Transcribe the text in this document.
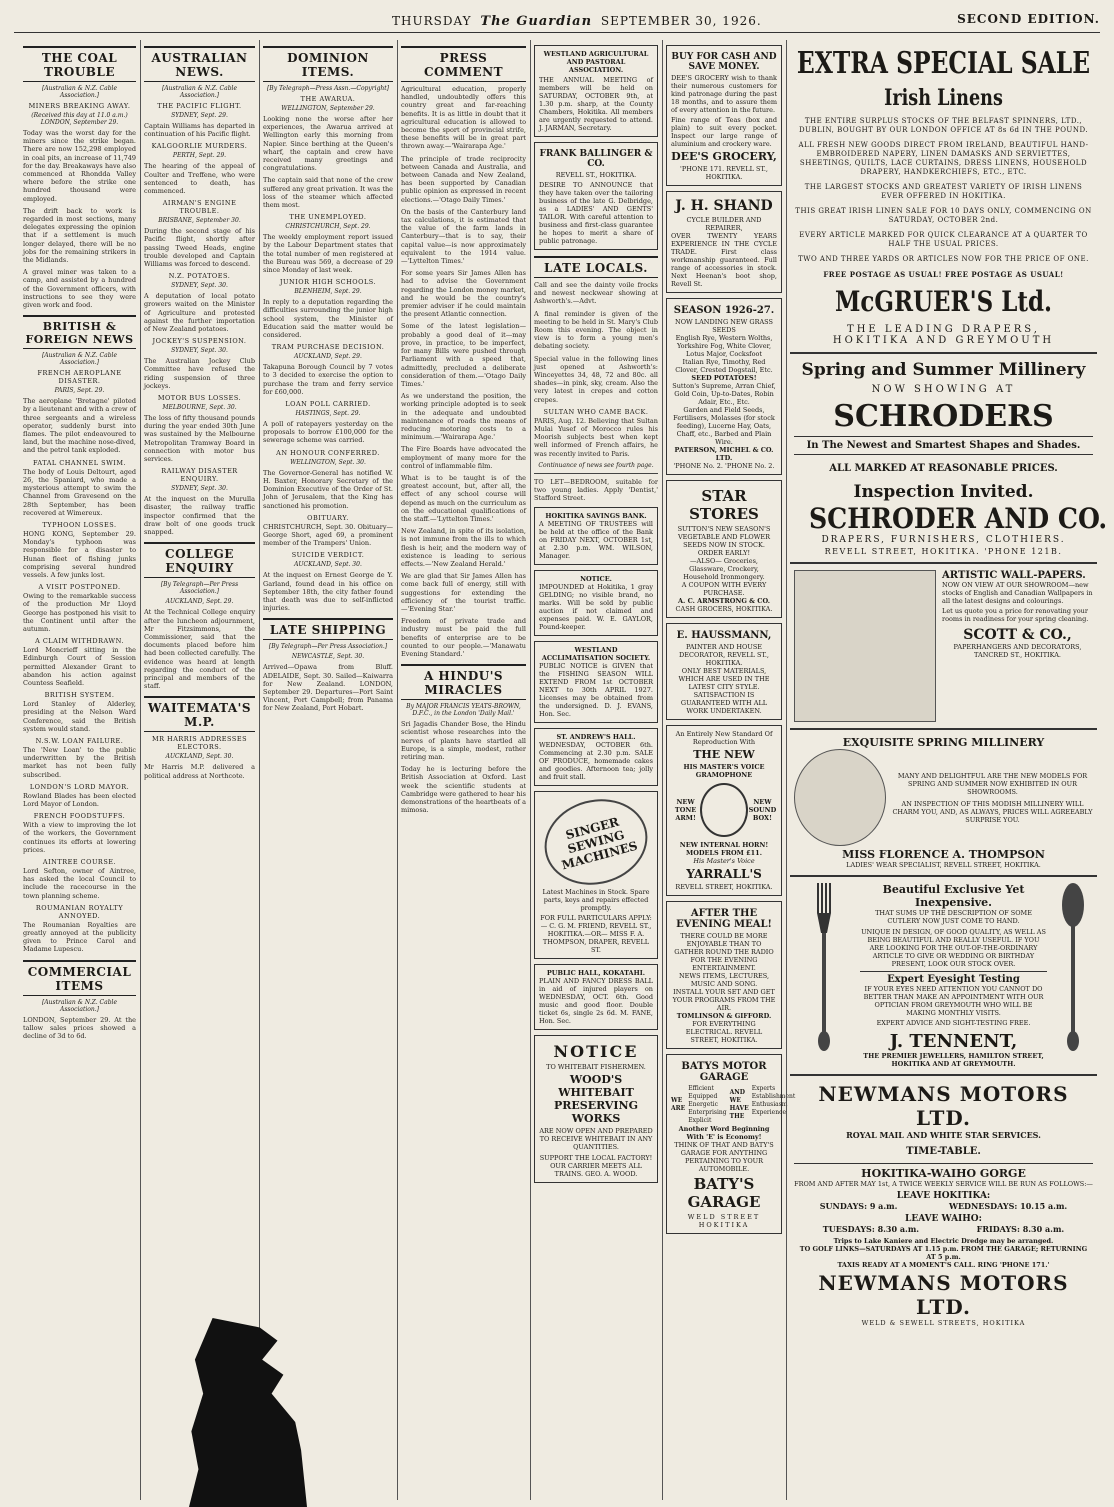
THURSDAY The Guardian SEPTEMBER 30, 1926.	SECOND EDITION.
THE COAL TROUBLE
[Australian & N.Z. Cable Association.]
MINERS BREAKING AWAY.
(Received this day at 11.0 a.m.) LONDON, September 29.

Today was the worst day for the miners since the strike began. There are now 152,298 employed in coal pits, an increase of 11,749 for the day. Breakaways have also commenced at Rhondda Valley where before the strike one hundred thousand were employed.

The drift back to work is regarded in most sections, many delegates expressing the opinion that if a settlement is much longer delayed, there will be no jobs for the remaining strikers in the Midlands.

A gravel miner was taken to a camp, and assisted by a hundred of the Government officers, with instructions to see they were given work and food.

BRITISH & FOREIGN NEWS
[Australian & N.Z. Cable Association.]
FRENCH AEROPLANE DISASTER.
PARIS, Sept. 29.

The aeroplane 'Bretagne' piloted by a lieutenant and with a crew of three sergeants and a wireless operator, suddenly burst into flames. The pilot endeavoured to land, but the machine nose-dived, and the petrol tank exploded.

FATAL CHANNEL SWIM.

The body of Louis Deltourt, aged 26, the Spaniard, who made a mysterious attempt to swim the Channel from Gravesend on the 28th September, has been recovered at Wimereux.

TYPHOON LOSSES.

HONG KONG, September 29. Monday's typhoon was responsible for a disaster to Hunan fleet of fishing junks comprising several hundred vessels. A few junks lost.

A VISIT POSTPONED.

Owing to the remarkable success of the production Mr Lloyd George has postponed his visit to the Continent until after the autumn.

A CLAIM WITHDRAWN.

Lord Moncrieff sitting in the Edinburgh Court of Session permitted Alexander Grant to abandon his action against Countess Seafield.

BRITISH SYSTEM.

Lord Stanley of Alderley, presiding at the Nelson Ward Conference, said the British system would stand.

N.S.W. LOAN FAILURE.

The 'New Loan' to the public underwritten by the British market has not been fully subscribed.

LONDON'S LORD MAYOR.

Rowland Blades has been elected Lord Mayor of London.

FRENCH FOODSTUFFS.

With a view to improving the lot of the workers, the Government continues its efforts at lowering prices.

AINTREE COURSE.

Lord Sefton, owner of Aintree, has asked the local Council to include the racecourse in the town planning scheme.

ROUMANIAN ROYALTY ANNOYED.

The Roumanian Royalties are greatly annoyed at the publicity given to Prince Carol and Madame Lupescu.

COMMERCIAL ITEMS
[Australian & N.Z. Cable Association.]

LONDON, September 29. At the tallow sales prices showed a decline of 3d to 6d.

AUSTRALIAN NEWS.
[Australian & N.Z. Cable Association.]
THE PACIFIC FLIGHT.
SYDNEY, Sept. 29.

Captain Williams has departed in continuation of his Pacific flight.

KALGOORLIE MURDERS.
PERTH, Sept. 29.

The hearing of the appeal of Coulter and Treffene, who were sentenced to death, has commenced.

AIRMAN'S ENGINE TROUBLE.
BRISBANE, September 30.

During the second stage of his Pacific flight, shortly after passing Tweed Heads, engine trouble developed and Captain Williams was forced to descend.

N.Z. POTATOES.
SYDNEY, Sept. 30.

A deputation of local potato growers waited on the Minister of Agriculture and protested against the further importation of New Zealand potatoes.

JOCKEY'S SUSPENSION.
SYDNEY, Sept. 30.

The Australian Jockey Club Committee have refused the riding suspension of three jockeys.

MOTOR BUS LOSSES.
MELBOURNE, Sept. 30.

The loss of fifty thousand pounds during the year ended 30th June was sustained by the Melbourne Metropolitan Tramway Board in connection with motor bus services.

RAILWAY DISASTER ENQUIRY.
SYDNEY, Sept. 30.

At the inquest on the Murulla disaster, the railway traffic inspector confirmed that the draw bolt of one goods truck snapped.

COLLEGE ENQUIRY
[By Telegraph—Per Press Association.]
AUCKLAND, Sept. 29.

At the Technical College enquiry after the luncheon adjournment, Mr Fitzsimmons, the Commissioner, said that the documents placed before him had been collected carefully. The evidence was heard at length regarding the conduct of the principal and members of the staff.

WAITEMATA'S M.P.
MR HARRIS ADDRESSES ELECTORS.
AUCKLAND, Sept. 30.

Mr Harris M.P. delivered a political address at Northcote.

DOMINION ITEMS.
[By Telegraph—Press Assn.—Copyright]
THE AWARUA.
WELLINGTON, September 29.

Looking none the worse after her experiences, the Awarua arrived at Wellington early this morning from Napier. Since berthing at the Queen's wharf, the captain and crew have received many greetings and congratulations.

The captain said that none of the crew suffered any great privation. It was the loss of the steamer which affected them most.

THE UNEMPLOYED.
CHRISTCHURCH, Sept. 29.

The weekly employment report issued by the Labour Department states that the total number of men registered at the Bureau was 569, a decrease of 29 since Monday of last week.

JUNIOR HIGH SCHOOLS.
BLENHEIM, Sept. 29.

In reply to a deputation regarding the difficulties surrounding the junior high school system, the Minister of Education said the matter would be considered.

TRAM PURCHASE DECISION.
AUCKLAND, Sept. 29.

Takapuna Borough Council by 7 votes to 3 decided to exercise the option to purchase the tram and ferry service for £60,000.

LOAN POLL CARRIED.
HASTINGS, Sept. 29.

A poll of ratepayers yesterday on the proposals to borrow £100,000 for the sewerage scheme was carried.

AN HONOUR CONFERRED.
WELLINGTON, Sept. 30.

The Governor-General has notified W. H. Baxter, Honorary Secretary of the Dominion Executive of the Order of St. John of Jerusalem, that the King has sanctioned his promotion.

OBITUARY.

CHRISTCHURCH, Sept. 30. Obituary—George Short, aged 69, a prominent member of the Trampers' Union.

SUICIDE VERDICT.
AUCKLAND, Sept. 30.

At the inquest on Ernest George de Y. Garland, found dead in his office on September 18th, the city father found that death was due to self-inflicted injuries.

LATE SHIPPING
[By Telegraph—Per Press Association.]
NEWCASTLE, Sept. 30.

Arrived—Opawa from Bluff. ADELAIDE, Sept. 30. Sailed—Kaiwarra for New Zealand. LONDON, September 29. Departures—Port Saint Vincent, Port Campbell; from Panama for New Zealand, Port Hobart.

PRESS COMMENT

Agricultural education, properly handled, undoubtedly offers this country great and far-reaching benefits. It is as little in doubt that it agricultural education is allowed to become the sport of provincial strife, these benefits will be in great part thrown away.—'Wairarapa Age.'

The principle of trade reciprocity between Canada and Australia, and between Canada and New Zealand, has been supported by Canadian public opinion as expressed in recent elections.—'Otago Daily Times.'

On the basis of the Canterbury land tax calculations, it is estimated that the value of the farm lands in Canterbury—that is to say, their capital value—is now approximately equivalent to the 1914 value.—'Lyttelton Times.'

For some years Sir James Allen has had to advise the Government regarding the London money market, and he would be the country's premier adviser if he could maintain the present Atlantic connection.

Some of the latest legislation—probably a good deal of it—may prove, in practice, to be imperfect, for many Bills were pushed through Parliament with a speed that, admittedly, precluded a deliberate consideration of them.—'Otago Daily Times.'

As we understand the position, the working principle adopted is to seek in the adequate and undoubted maintenance of roads the means of reducing motoring costs to a minimum.—'Wairarapa Age.'

The Fire Boards have advocated the employment of many more for the control of inflammable film.

What is to be taught is of the greatest account, but, after all, the effect of any school course will depend as much on the curriculum as on the educational qualifications of the staff.—'Lyttelton Times.'

New Zealand, in spite of its isolation, is not immune from the ills to which flesh is heir, and the modern way of existence is leading to serious effects.—'New Zealand Herald.'

We are glad that Sir James Allen has come back full of energy, still with suggestions for extending the efficiency of the tourist traffic.—'Evening Star.'

Freedom of private trade and industry must be paid the full benefits of enterprise are to be counted to our people.—'Manawatu Evening Standard.'

A HINDU'S MIRACLES
By MAJOR FRANCIS YEATS-BROWN, D.F.C., in the London 'Daily Mail.'

Sri Jagadis Chander Bose, the Hindu scientist whose researches into the nerves of plants have startled all Europe, is a simple, modest, rather retiring man.

Today he is lecturing before the British Association at Oxford. Last week the scientific students at Cambridge were gathered to hear his demonstrations of the heartbeats of a mimosa.

WESTLAND AGRICULTURAL AND PASTORAL ASSOCIATION.
THE ANNUAL MEETING of members will be held on SATURDAY, OCTOBER 9th, at 1.30 p.m. sharp, at the County Chambers, Hokitika. All members are urgently requested to attend. J. JARMAN, Secretary.
FRANK BALLINGER & CO.
REVELL ST., HOKITIKA.
DESIRE TO ANNOUNCE that they have taken over the tailoring business of the late G. Delbridge, as a LADIES' AND GENTS' TAILOR. With careful attention to business and first-class guarantee he hopes to merit a share of public patronage.
LATE LOCALS.

Call and see the dainty voile frocks and newest neckwear showing at Ashworth's.—Advt.

A final reminder is given of the meeting to be held in St. Mary's Club Room this evening. The object in view is to form a young men's debating society.

Special value in the following lines just opened at Ashworth's: Winceyettes 34, 48, 72 and 80c. all shades—in pink, sky, cream. Also the very latest in crepes and cotton crepes.

SULTAN WHO CAME BACK.

PARIS, Aug. 12. Believing that Sultan Mulai Yusef of Morocco rules his Moorish subjects best when kept well informed of French affairs, he was recently invited to Paris.

Continuance of news see fourth page.

TO LET—BEDROOM, suitable for two young ladies. Apply 'Dentist,' Stafford Street.

HOKITIKA SAVINGS BANK.
A MEETING OF TRUSTEES will be held at the office of the Bank on FRIDAY NEXT, OCTOBER 1st, at 2.30 p.m. WM. WILSON, Manager.
NOTICE.
IMPOUNDED at Hokitika, 1 gray GELDING; no visible brand, no marks. Will be sold by public auction if not claimed and expenses paid. W. E. GAYLOR, Pound-keeper.
WESTLAND ACCLIMATISATION SOCIETY.
PUBLIC NOTICE is GIVEN that the FISHING SEASON WILL EXTEND FROM 1st OCTOBER NEXT to 30th APRIL 1927. Licenses may be obtained from the undersigned. D. J. EVANS, Hon. Sec.
ST. ANDREW'S HALL.
WEDNESDAY, OCTOBER 6th. Commencing at 2.30 p.m. SALE OF PRODUCE, homemade cakes and goodies. Afternoon tea; jolly and fruit stall.
SINGER SEWING MACHINES
Latest Machines in Stock. Spare parts, keys and repairs effected promptly.
FOR FULL PARTICULARS APPLY:— C. G. M. FRIEND, REVELL ST., HOKITIKA.—OR— MISS F. A. THOMPSON, DRAPER, REVELL ST.
PUBLIC HALL, KOKATAHI.
PLAIN AND FANCY DRESS BALL in aid of injured players on WEDNESDAY, OCT. 6th. Good music and good floor. Double ticket 6s, single 2s 6d. M. FANE, Hon. Sec.
NOTICE
TO WHITEBAIT FISHERMEN.
WOOD'S WHITEBAIT PRESERVING WORKS
ARE NOW OPEN AND PREPARED TO RECEIVE WHITEBAIT IN ANY QUANTITIES.
SUPPORT THE LOCAL FACTORY! OUR CARRIER MEETS ALL TRAINS. GEO. A. WOOD.
BUY FOR CASH AND SAVE MONEY.
DEE'S GROCERY wish to thank their numerous customers for kind patronage during the past 18 months, and to assure them of every attention in the future.
Fine range of Teas (box and plain) to suit every pocket. Inspect our large range of aluminium and crockery ware.
DEE'S GROCERY,
'PHONE 171. REVELL ST., HOKITIKA.
J. H. SHAND
CYCLE BUILDER AND REPAIRER,
OVER TWENTY YEARS EXPERIENCE IN THE CYCLE TRADE. First class workmanship guaranteed. Full range of accessories in stock. Next Heenan's boot shop, Revell St.
SEASON 1926-27.
NOW LANDING NEW GRASS SEEDS
English Rye, Western Wolths, Yorkshire Fog, White Clover, Lotus Major, Cocksfoot
Italian Rye, Timothy, Red Clover, Crested Dogstail, Etc.
SEED POTATOES!
Sutton's Supreme, Arran Chief, Gold Coin, Up-to-Dates, Robin Adair, Etc., Etc.
Garden and Field Seeds, Fertilisers, Molasses (for stock feeding), Lucerne Hay, Oats, Chaff, etc., Barbed and Plain Wire.
PATERSON, MICHEL & CO. LTD.
'PHONE No. 2. 'PHONE No. 2.
STAR STORES
SUTTON'S NEW SEASON'S VEGETABLE AND FLOWER SEEDS NOW IN STOCK. ORDER EARLY!
—ALSO— Groceries, Glassware, Crockery, Household Ironmongery.
A COUPON WITH EVERY PURCHASE.
A. C. ARMSTRONG & CO.
CASH GROCERS, HOKITIKA.
E. HAUSSMANN,
PAINTER AND HOUSE DECORATOR, REVELL ST., HOKITIKA.
ONLY BEST MATERIALS, WHICH ARE USED IN THE LATEST CITY STYLE. SATISFACTION IS GUARANTEED WITH ALL WORK UNDERTAKEN.
An Entirely New Standard Of Reproduction With
THE NEW
HIS MASTER'S VOICE GRAMOPHONE
NEW TONE ARM!
NEW SOUND BOX!
NEW INTERNAL HORN!
MODELS FROM £11.
His Master's Voice
YARRALL'S
REVELL STREET, HOKITIKA.
AFTER THE EVENING MEAL!
THERE COULD BE MORE ENJOYABLE THAN TO GATHER ROUND THE RADIO FOR THE EVENING ENTERTAINMENT.
NEWS ITEMS, LECTURES, MUSIC AND SONG.
INSTALL YOUR SET AND GET YOUR PROGRAMS FROM THE AIR.
TOMLINSON & GIFFORD.
FOR EVERYTHING ELECTRICAL. REVELL STREET, HOKITIKA.
BATYS MOTOR GARAGE
WE ARE
Efficient
Equipped
Energetic
Enterprising
Explicit
AND WE HAVE THE
Experts
Establishment
Enthusiasm
Experience
Another Word Beginning With 'E' is Economy!
THINK OF THAT AND BATY'S GARAGE FOR ANYTHING PERTAINING TO YOUR AUTOMOBILE.
BATY'S GARAGE
WELD STREET HOKITIKA
EXTRA SPECIAL SALE
Irish Linens
THE ENTIRE SURPLUS STOCKS OF THE BELFAST SPINNERS, LTD., DUBLIN, BOUGHT BY OUR LONDON OFFICE AT 8s 6d IN THE POUND.
ALL FRESH NEW GOODS DIRECT FROM IRELAND, BEAUTIFUL HAND-EMBROIDERED NAPERY, LINEN DAMASKS AND SERVIETTES, SHEETINGS, QUILTS, LACE CURTAINS, DRESS LINENS, HOUSEHOLD DRAPERY, HANDKERCHIEFS, ETC., ETC.
THE LARGEST STOCKS AND GREATEST VARIETY OF IRISH LINENS EVER OFFERED IN HOKITIKA.
THIS GREAT IRISH LINEN SALE FOR 10 DAYS ONLY, COMMENCING ON SATURDAY, OCTOBER 2nd.
EVERY ARTICLE MARKED FOR QUICK CLEARANCE AT A QUARTER TO HALF THE USUAL PRICES.
TWO AND THREE YARDS OR ARTICLES NOW FOR THE PRICE OF ONE.
FREE POSTAGE AS USUAL! FREE POSTAGE AS USUAL!
McGRUER'S Ltd.
THE LEADING DRAPERS,
HOKITIKA AND GREYMOUTH
Spring and Summer Millinery
NOW SHOWING AT
SCHRODERS
In The Newest and Smartest Shapes and Shades.
ALL MARKED AT REASONABLE PRICES.
Inspection Invited.
SCHRODER AND CO.
DRAPERS, FURNISHERS, CLOTHIERS.
REVELL STREET, HOKITIKA. 'PHONE 121B.
ARTISTIC WALL-PAPERS.
NOW ON VIEW AT OUR SHOWROOM—new stocks of English and Canadian Wallpapers in all the latest designs and colourings.
Let us quote you a price for renovating your rooms in readiness for your spring cleaning.
SCOTT & CO.,
PAPERHANGERS AND DECORATORS, TANCRED ST., HOKITIKA.
EXQUISITE SPRING MILLINERY
MANY AND DELIGHTFUL ARE THE NEW MODELS FOR SPRING AND SUMMER NOW EXHIBITED IN OUR SHOWROOMS.
AN INSPECTION OF THIS MODISH MILLINERY WILL CHARM YOU, AND, AS ALWAYS, PRICES WILL AGREEABLY SURPRISE YOU.
MISS FLORENCE A. THOMPSON
LADIES' WEAR SPECIALIST, REVELL STREET, HOKITIKA.
Beautiful Exclusive Yet Inexpensive.
THAT SUMS UP THE DESCRIPTION OF SOME CUTLERY NOW JUST COME TO HAND.
UNIQUE IN DESIGN, OF GOOD QUALITY, AS WELL AS BEING BEAUTIFUL AND REALLY USEFUL. IF YOU ARE LOOKING FOR THE OUT-OF-THE-ORDINARY ARTICLE TO GIVE OR WEDDING OR BIRTHDAY PRESENT, LOOK OUR STOCK OVER.
Expert Eyesight Testing
IF YOUR EYES NEED ATTENTION YOU CANNOT DO BETTER THAN MAKE AN APPOINTMENT WITH OUR OPTICIAN FROM GREYMOUTH WHO WILL BE MAKING MONTHLY VISITS.
EXPERT ADVICE AND SIGHT-TESTING FREE.
J. TENNENT,
THE PREMIER JEWELLERS, HAMILTON STREET, HOKITIKA AND AT GREYMOUTH.
NEWMANS MOTORS LTD.
ROYAL MAIL AND WHITE STAR SERVICES.
TIME-TABLE.
HOKITIKA-WAIHO GORGE
FROM AND AFTER MAY 1st, A TWICE WEEKLY SERVICE WILL BE RUN AS FOLLOWS:—
LEAVE HOKITIKA:
SUNDAYS: 9 a.m.	WEDNESDAYS: 10.15 a.m.
LEAVE WAIHO:
TUESDAYS: 8.30 a.m.	FRIDAYS: 8.30 a.m.
Trips to Lake Kaniere and Electric Dredge may be arranged.
TO GOLF LINKS—SATURDAYS AT 1.15 p.m. FROM THE GARAGE; RETURNING AT 5 p.m.
TAXIS READY AT A MOMENT'S CALL. RING 'PHONE 171.'
NEWMANS MOTORS LTD.
WELD & SEWELL STREETS, HOKITIKA
